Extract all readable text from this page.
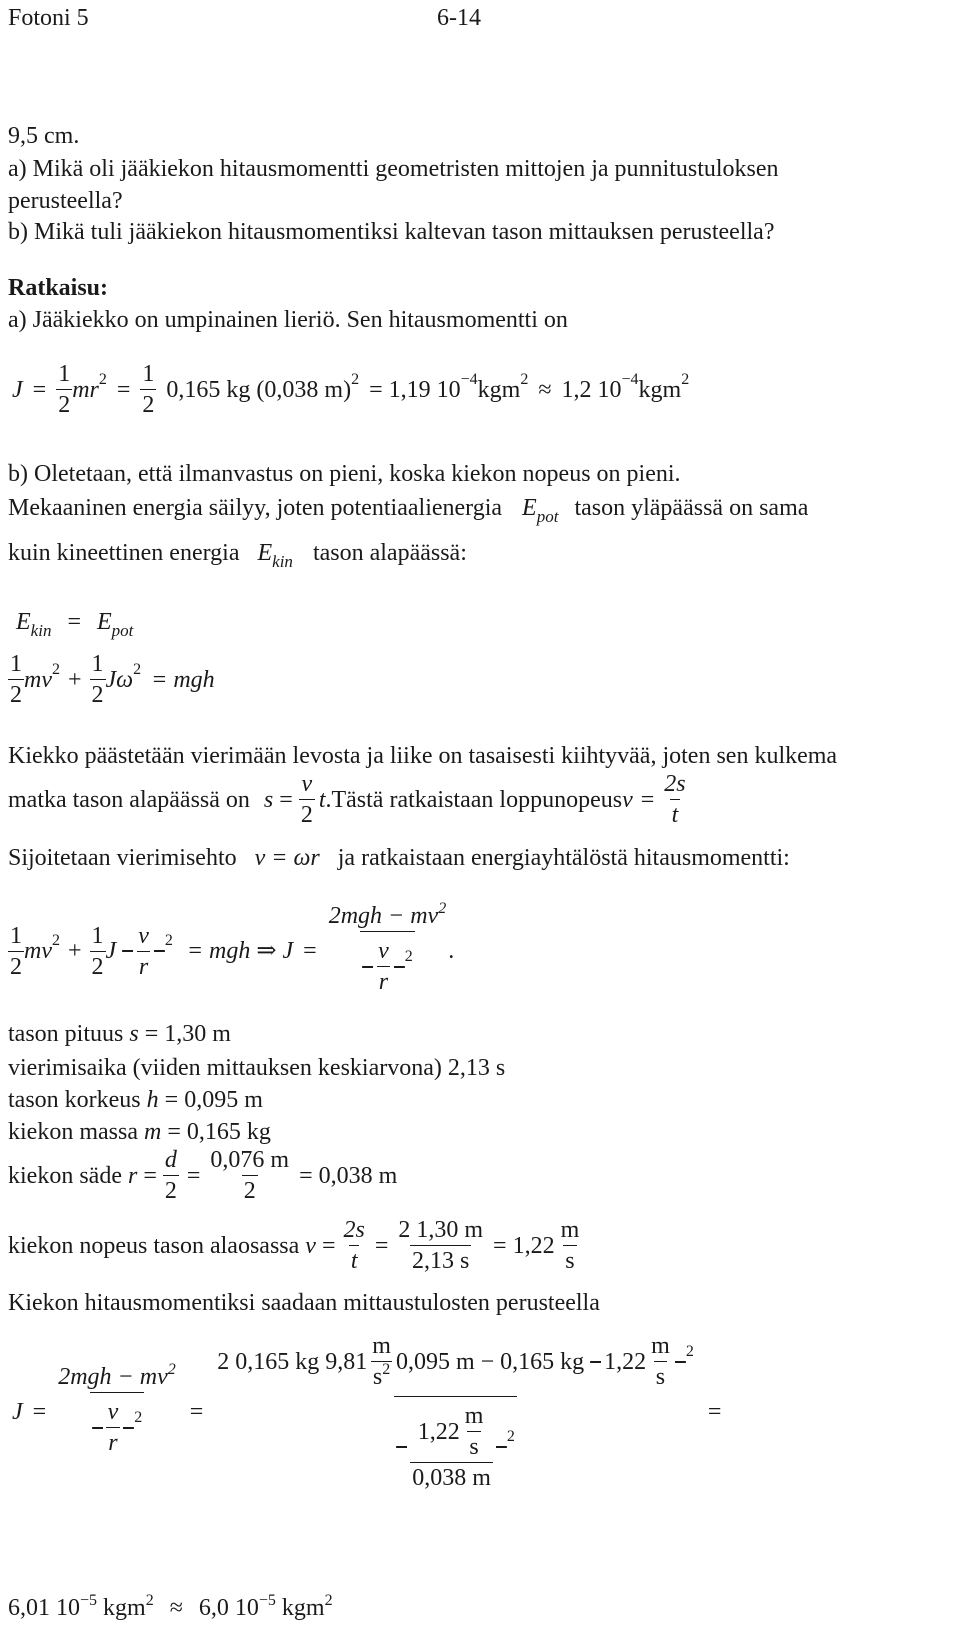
Fotoni 5	6-14
9,5 cm.
a) Mikä oli jääkiekon hitausmomentti geometristen mittojen ja punnitustuloksen
perusteella?
b) Mikä tuli jääkiekon hitausmomentiksi kaltevan tason mittauksen perusteella?
Ratkaisu:
a) Jääkiekko on umpinainen lieriö. Sen hitausmomentti on
$J = \frac{1}{2}$ mr $2 = \frac{1}{2} 0,165$ kg (0,038 m) 2 = 1,19 10 −4 kgm 2 ≈ 1,2 10 −4 kgm 2
b) Oletetaan, että ilmanvastus on pieni, koska kiekon nopeus on pieni.
Mekaaninen energia säilyy, joten potentiaalienergia $E_{pot}$ tason yläpäässä on sama
kuin kineettinen energia $E_{kin}$ tason alapäässä:
$E_{kin} = E_{pot}$
$\frac{1}{2}$ mv $2 + \frac{1}{2}$ Jω 2 = mgh
Kiekko päästetään vierimään levosta ja liike on tasaisesti kiihtyvää, joten sen kulkema
matka tason alapäässä on $s = \frac{v}{2}$ t .Tästä ratkaistaan loppunopeus $v = \frac{2s}{t}$
Sijoitetaan vierimisehto v = ωr ja ratkaistaan energiayhtälöstä hitausmomentti:
$\frac{1}{2}$ mv $2 + \frac{1}{2}$ J $\frac{v}{r} 2$ = mgh ⇒ $J = \frac{2mgh - mv^2}{\frac{v}{r} 2}$ .
tason pituus s = 1,30 m
vierimisaika (viiden mittauksen keskiarvona) 2,13 s
tason korkeus h = 0,095 m
kiekon massa m = 0,165 kg
kiekon säde
$r = \frac{d}{2} = \frac{0,076 m}{2} = 0,038$ m
kiekon nopeus tason alaosassa
$v = \frac{2s}{t} = \frac{2 1,30 m}{2,13 s} = 1,22 \frac{m}{s}$
Kiekon hitausmomentiksi saadaan mittaustulosten perusteella
$J = \frac{2mgh - mv^2}{\frac{v}{r} 2}$ =
2 0,165 kg $9,81 \frac{m}{s^2} 0,095$ m − 0,165 kg $1,22 \frac{m}{s} 2$
$\frac{1,22 \frac{m}{s}}{0,038 m} 2$
=
6,01 $10^{-5}$ kgm$^2$ ≈ 6,0 $10^{-5}$ kgm$^2$
